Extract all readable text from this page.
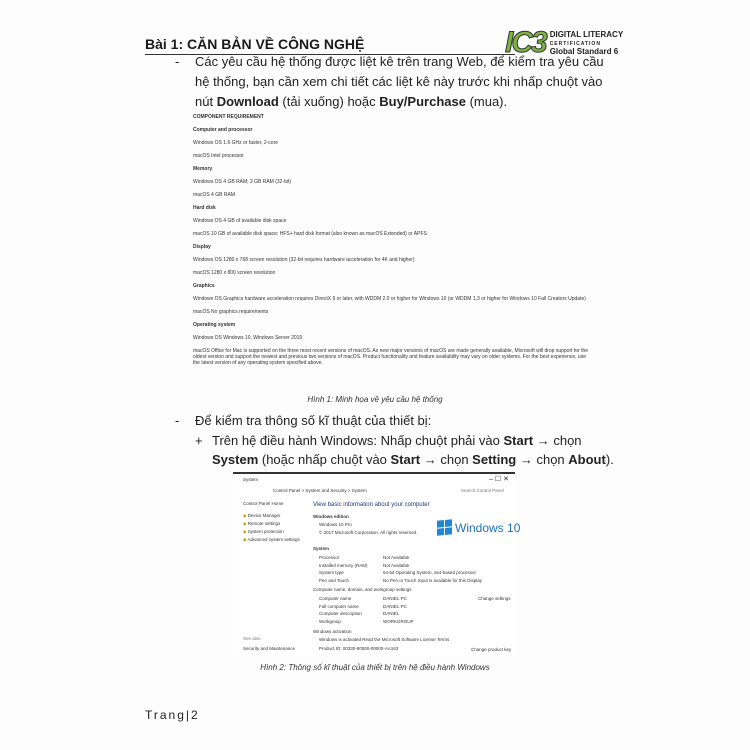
Bài 1: CĂN BẢN VỀ CÔNG NGHỆ	IC3 DIGITAL LITERACY
CERTIFICATION
Global Standard 6
- Các yêu cầu hệ thống được liệt kê trên trang Web, để kiểm tra yêu cầu hệ thống, bạn cần xem chi tiết các liệt kê này trước khi nhấp chuột vào nút Download (tải xuống) hoặc Buy/Purchase (mua).
COMPONENT REQUIREMENT
Computer and processor
Windows OS 1.6 GHz or faster, 2-core
macOS Intel processor
Memory
Windows OS 4 GB RAM; 2 GB RAM (32-bit)
macOS 4 GB RAM
Hard disk
Windows OS 4 GB of available disk space
macOS 10 GB of available disk space; HFS+ hard disk format (also known as macOS Extended) or APFS
Display
Windows OS 1280 x 768 screen resolution (32-bit requires hardware acceleration for 4K and higher)
macOS 1280 x 800 screen resolution
Graphics
Windows OS Graphics hardware acceleration requires DirectX 9 or later, with WDDM 2.0 or higher for Windows 10 (or WDDM 1.3 or higher for Windows 10 Fall Creators Update)
macOS No graphics requirements
Operating system
Windows OS Windows 10, Windows Server 2019
macOS Office for Mac is supported on the three most recent versions of macOS. As new major versions of macOS are made generally available, Microsoft will drop support for the oldest version and support the newest and previous two versions of macOS. Product functionality and feature availability may vary on older systems. For the best experience, use the latest version of any operating system specified above.
Hình 1: Minh họa về yêu cầu hệ thống
- Để kiểm tra thông số kĩ thuật của thiết bị:
+ Trên hệ điều hành Windows: Nhấp chuột phải vào Start → chọn System (hoặc nhấp chuột vào Start → chọn Setting → chọn About).
System	– ☐ ✕
Control Panel > System and Security > System	Search Control Panel
Control Panel Home
◆ Device Manager
◆ Remote settings
◆ System protection
◆ Advanced system settings
See also
Security and Maintenance
View basic information about your computer
Windows edition
Windows 10 Pro
© 2017 Microsoft Corporation. All rights reserved.	Windows 10
System
Processor	Not Available
Installed memory (RAM)	Not Available
System type	64-bit Operating System, x64-based processor
Pen and Touch	No Pen or Touch Input is available for this Display
Computer name, domain, and workgroup settings
Computer name	DANIEL-PC
Full computer name	DANIEL-PC
Computer description	DANIEL
Workgroup	WORKGROUP
Change settings
Windows activation
Windows is activated Read the Microsoft Software License Terms
Product ID: 00330-80000-00000-AA163	Change product key
Hình 2: Thông số kĩ thuật của thiết bị trên hệ điều hành Windows
Trang|2
